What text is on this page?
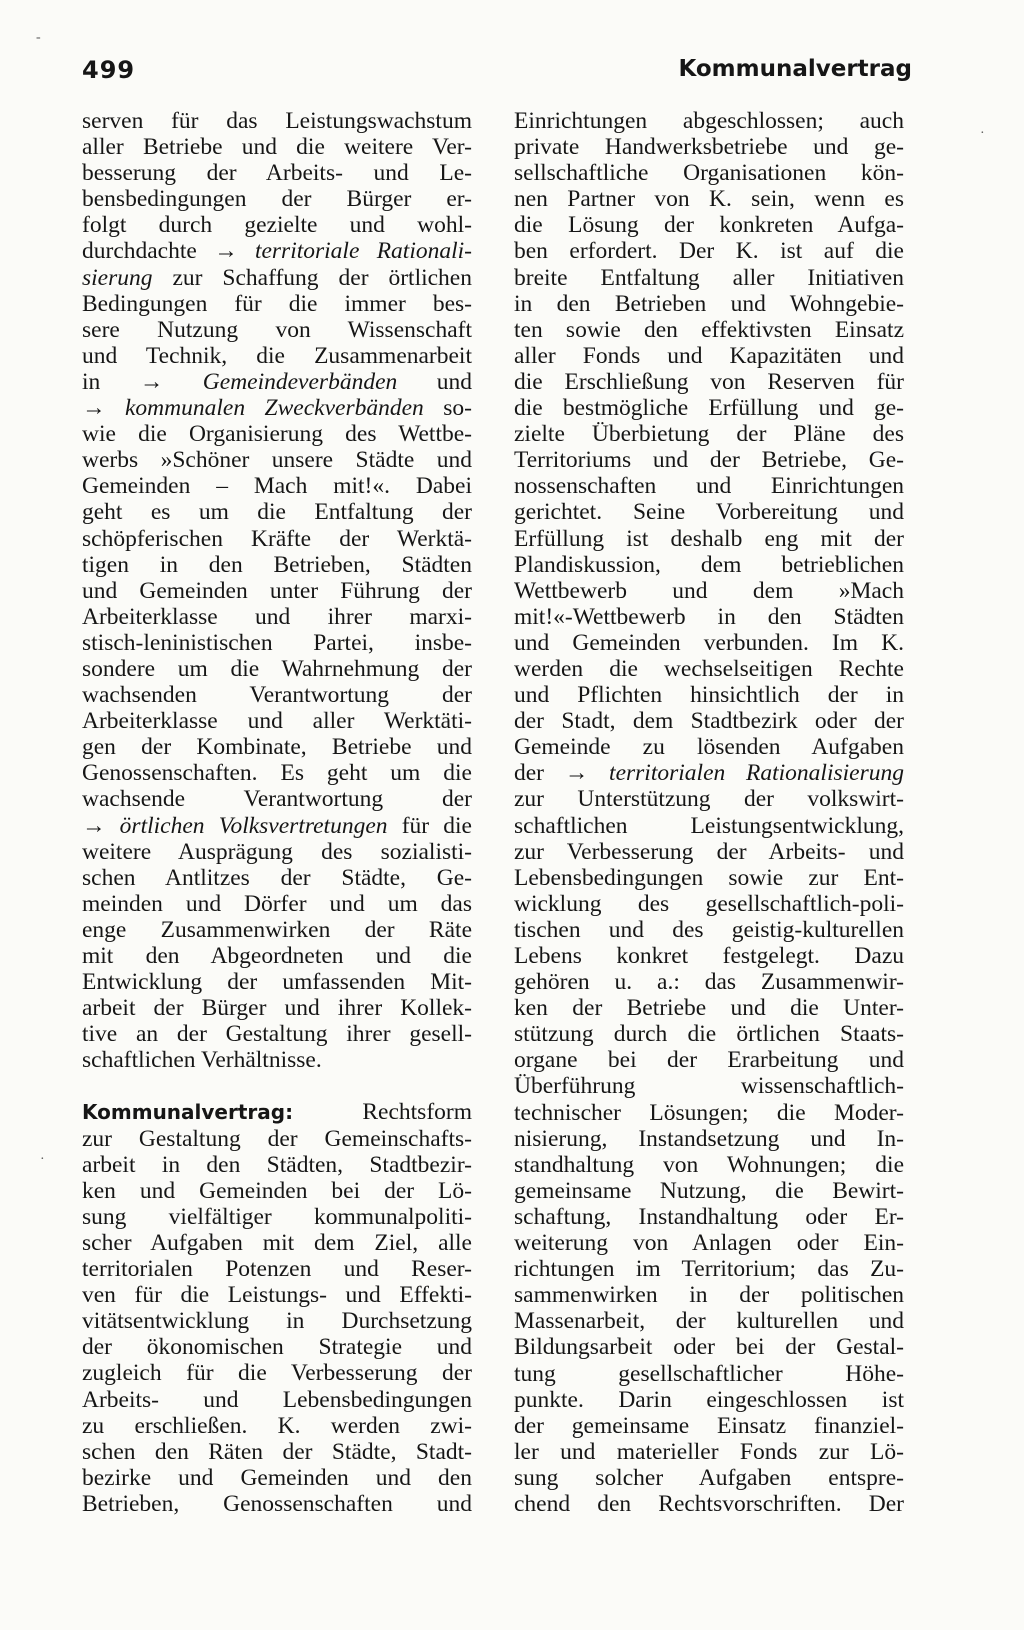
499	Kommunalvertrag
serven für das Leistungswachstum
aller Betriebe und die weitere Ver-
besserung der Arbeits- und Le-
bensbedingungen der Bürger er-
folgt durch gezielte und wohl-
durchdachte → territoriale Rationali-
sierung zur Schaffung der örtlichen
Bedingungen für die immer bes-
sere Nutzung von Wissenschaft
und Technik, die Zusammenarbeit
in → Gemeindeverbänden und
→ kommunalen Zweckverbänden so-
wie die Organisierung des Wettbe-
werbs »Schöner unsere Städte und
Gemeinden – Mach mit!«. Dabei
geht es um die Entfaltung der
schöpferischen Kräfte der Werktä-
tigen in den Betrieben, Städten
und Gemeinden unter Führung der
Arbeiterklasse und ihrer marxi-
stisch-leninistischen Partei, insbe-
sondere um die Wahrnehmung der
wachsenden Verantwortung der
Arbeiterklasse und aller Werktäti-
gen der Kombinate, Betriebe und
Genossenschaften. Es geht um die
wachsende Verantwortung der
→ örtlichen Volksvertretungen für die
weitere Ausprägung des sozialisti-
schen Antlitzes der Städte, Ge-
meinden und Dörfer und um das
enge Zusammenwirken der Räte
mit den Abgeordneten und die
Entwicklung der umfassenden Mit-
arbeit der Bürger und ihrer Kollek-
tive an der Gestaltung ihrer gesell-
schaftlichen Verhältnisse.
Kommunalvertrag: Rechtsform
zur Gestaltung der Gemeinschafts-
arbeit in den Städten, Stadtbezir-
ken und Gemeinden bei der Lö-
sung vielfältiger kommunalpoliti-
scher Aufgaben mit dem Ziel, alle
territorialen Potenzen und Reser-
ven für die Leistungs- und Effekti-
vitätsentwicklung in Durchsetzung
der ökonomischen Strategie und
zugleich für die Verbesserung der
Arbeits- und Lebensbedingungen
zu erschließen. K. werden zwi-
schen den Räten der Städte, Stadt-
bezirke und Gemeinden und den
Betrieben, Genossenschaften und
Einrichtungen abgeschlossen; auch
private Handwerksbetriebe und ge-
sellschaftliche Organisationen kön-
nen Partner von K. sein, wenn es
die Lösung der konkreten Aufga-
ben erfordert. Der K. ist auf die
breite Entfaltung aller Initiativen
in den Betrieben und Wohngebie-
ten sowie den effektivsten Einsatz
aller Fonds und Kapazitäten und
die Erschließung von Reserven für
die bestmögliche Erfüllung und ge-
zielte Überbietung der Pläne des
Territoriums und der Betriebe, Ge-
nossenschaften und Einrichtungen
gerichtet. Seine Vorbereitung und
Erfüllung ist deshalb eng mit der
Plandiskussion, dem betrieblichen
Wettbewerb und dem »Mach
mit!«-Wettbewerb in den Städten
und Gemeinden verbunden. Im K.
werden die wechselseitigen Rechte
und Pflichten hinsichtlich der in
der Stadt, dem Stadtbezirk oder der
Gemeinde zu lösenden Aufgaben
der → territorialen Rationalisierung
zur Unterstützung der volkswirt-
schaftlichen Leistungsentwicklung,
zur Verbesserung der Arbeits- und
Lebensbedingungen sowie zur Ent-
wicklung des gesellschaftlich-poli-
tischen und des geistig-kulturellen
Lebens konkret festgelegt. Dazu
gehören u. a.: das Zusammenwir-
ken der Betriebe und die Unter-
stützung durch die örtlichen Staats-
organe bei der Erarbeitung und
Überführung wissenschaftlich-
technischer Lösungen; die Moder-
nisierung, Instandsetzung und In-
standhaltung von Wohnungen; die
gemeinsame Nutzung, die Bewirt-
schaftung, Instandhaltung oder Er-
weiterung von Anlagen oder Ein-
richtungen im Territorium; das Zu-
sammenwirken in der politischen
Massenarbeit, der kulturellen und
Bildungsarbeit oder bei der Gestal-
tung gesellschaftlicher Höhe-
punkte. Darin eingeschlossen ist
der gemeinsame Einsatz finanziel-
ler und materieller Fonds zur Lö-
sung solcher Aufgaben entspre-
chend den Rechtsvorschriften. Der
-
·
·
